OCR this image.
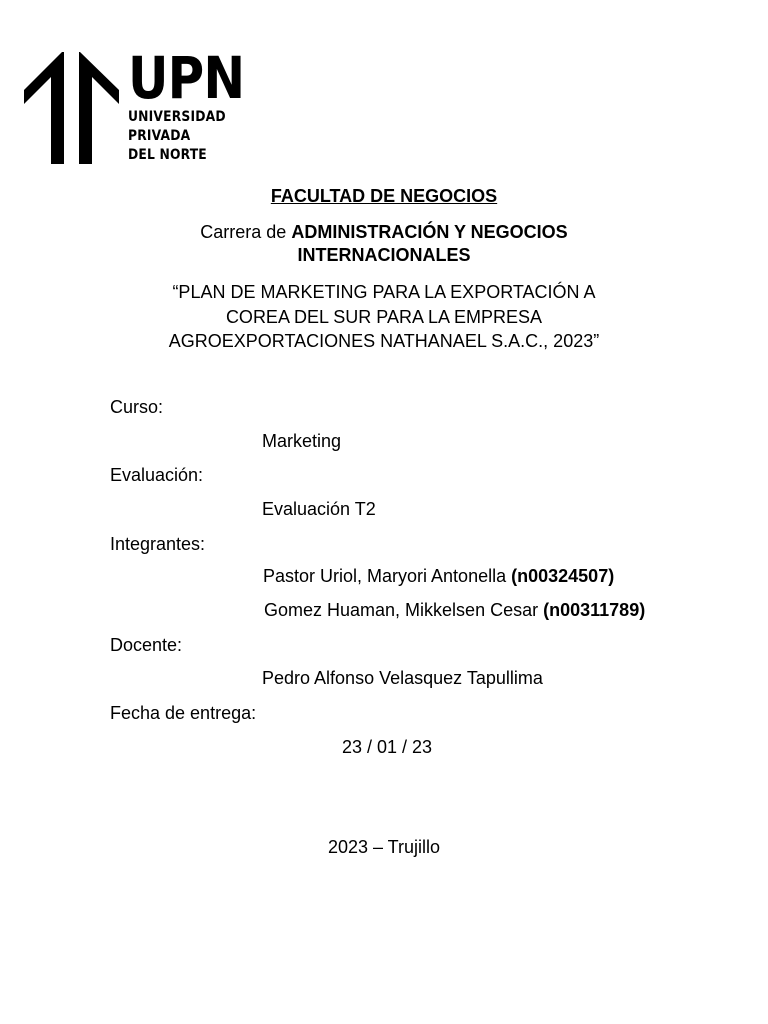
UPN
UNIVERSIDAD
PRIVADA
DEL NORTE
FACULTAD DE NEGOCIOS
Carrera de ADMINISTRACIÓN Y NEGOCIOS
INTERNACIONALES
“PLAN DE MARKETING PARA LA EXPORTACIÓN A
COREA DEL SUR PARA LA EMPRESA
AGROEXPORTACIONES NATHANAEL S.A.C., 2023”
Curso:
Marketing
Evaluación:
Evaluación T2
Integrantes:
Pastor Uriol, Maryori Antonella (n00324507)
Gomez Huaman, Mikkelsen Cesar (n00311789)
Docente:
Pedro Alfonso Velasquez Tapullima
Fecha de entrega:
23 / 01 / 23
2023 – Trujillo
